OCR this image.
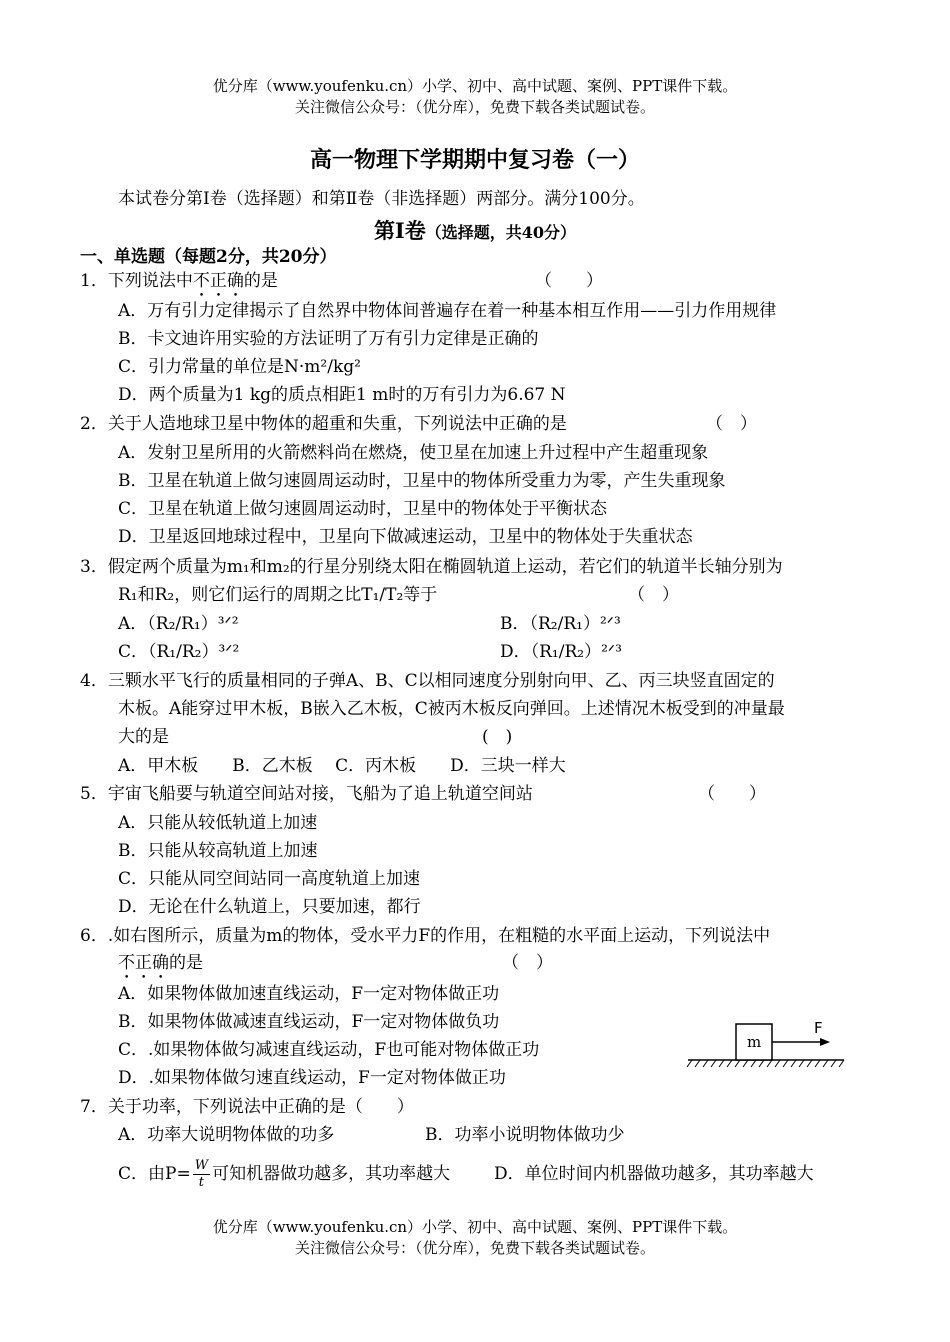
优分库（www.youfenku.cn）小学、初中、高中试题、案例、PPT课件下载。
关注微信公众号：（优分库），免费下载各类试题试卷。
高一物理下学期期中复习卷（一）
本试卷分第Ⅰ卷（选择题）和第Ⅱ卷（非选择题）两部分。满分100分。
第Ⅰ卷（选择题，共40分）
一、单选题（每题2分，共20分）
1．下列说法中不正确的是	（　　）
A．万有引力定律揭示了自然界中物体间普遍存在着一种基本相互作用——引力作用规律
B．卡文迪许用实验的方法证明了万有引力定律是正确的
C．引力常量的单位是N·m²/kg²
D．两个质量为1 kg的质点相距1 m时的万有引力为6.67 N
2．关于人造地球卫星中物体的超重和失重，下列说法中正确的是	（　）
A．发射卫星所用的火箭燃料尚在燃烧，使卫星在加速上升过程中产生超重现象
B．卫星在轨道上做匀速圆周运动时，卫星中的物体所受重力为零，产生失重现象
C．卫星在轨道上做匀速圆周运动时，卫星中的物体处于平衡状态
D．卫星返回地球过程中，卫星向下做减速运动，卫星中的物体处于失重状态
3．假定两个质量为m₁和m₂的行星分别绕太阳在椭圆轨道上运动，若它们的轨道半长轴分别为
R₁和R₂，则它们运行的周期之比T₁/T₂等于	（　）
A．（R₂/R₁）³ᐟ²	B．（R₂/R₁）²ᐟ³
C．（R₁/R₂）³ᐟ²	D．（R₁/R₂）²ᐟ³
4．三颗水平飞行的质量相同的子弹A、B、C以相同速度分别射向甲、乙、丙三块竖直固定的
木板。A能穿过甲木板，B嵌入乙木板，C被丙木板反向弹回。上述情况木板受到的冲量最
大的是	(　)
A．甲木板　　B．乙木板　 C．丙木板　　D．三块一样大
5．宇宙飞船要与轨道空间站对接，飞船为了追上轨道空间站	（　　）
A．只能从较低轨道上加速
B．只能从较高轨道上加速
C．只能从同空间站同一高度轨道上加速
D．无论在什么轨道上，只要加速，都行
6．.如右图所示，质量为m的物体，受水平力F的作用，在粗糙的水平面上运动，下列说法中
不正确的是	（　）
A．如果物体做加速直线运动，F一定对物体做正功
B．如果物体做减速直线运动，F一定对物体做负功
C．.如果物体做匀减速直线运动，F也可能对物体做正功
D．.如果物体做匀速直线运动，F一定对物体做正功
m
F
7．关于功率，下列说法中正确的是（　　）
A．功率大说明物体做的功多	B．功率小说明物体做功少
C．由$P= \frac{W}{t}$ 可知机器做功越多，其功率越大	D．单位时间内机器做功越多，其功率越大
优分库（www.youfenku.cn）小学、初中、高中试题、案例、PPT课件下载。
关注微信公众号：（优分库），免费下载各类试题试卷。
